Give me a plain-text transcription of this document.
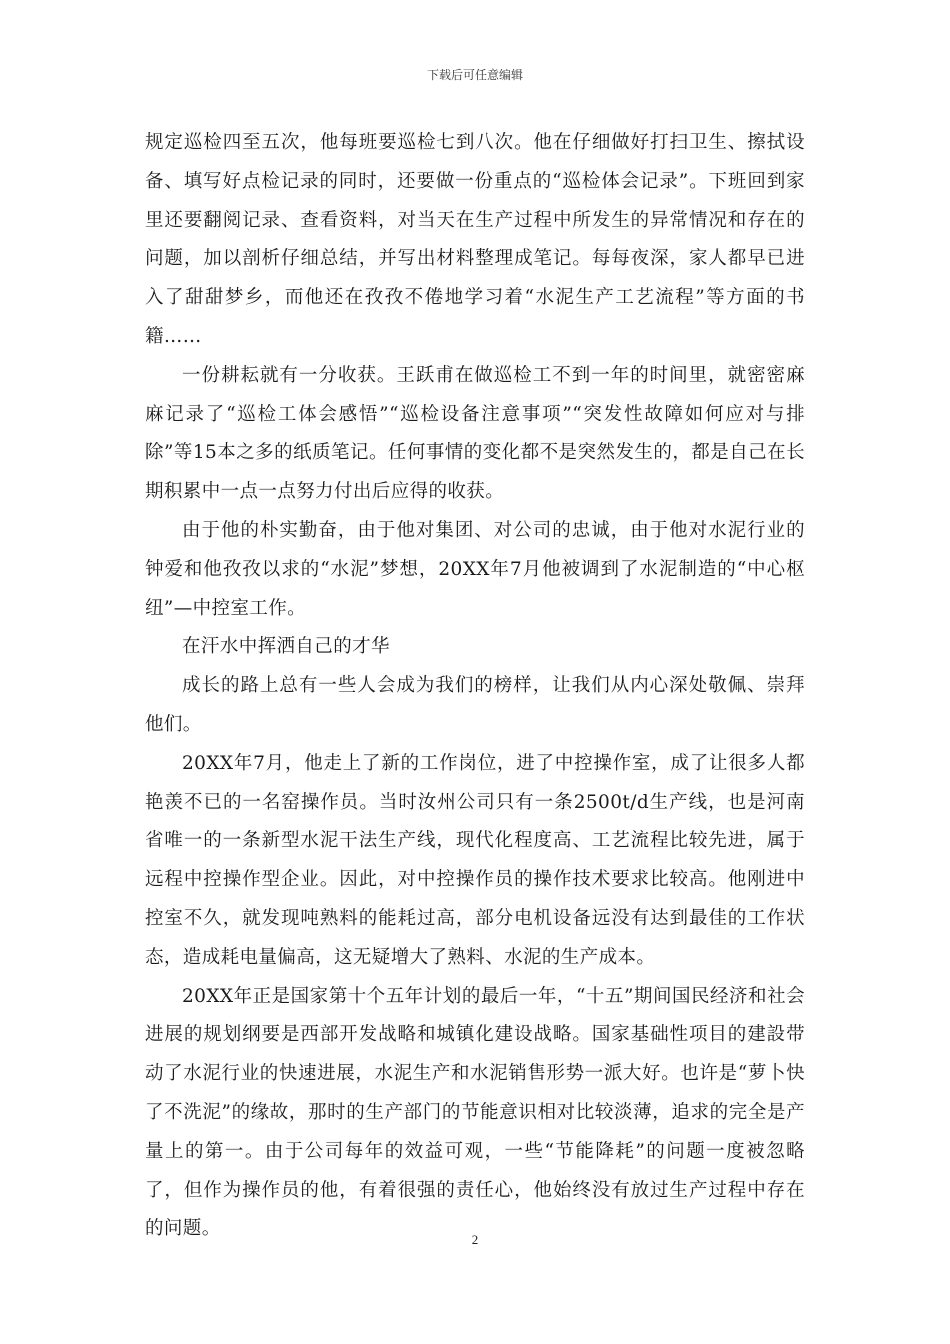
下载后可任意编辑

规定巡检四至五次，他每班要巡检七到八次。他在仔细做好打扫卫生、擦拭设备、填写好点检记录的同时，还要做一份重点的“巡检体会记录”。下班回到家里还要翻阅记录、查看资料，对当天在生产过程中所发生的异常情况和存在的问题，加以剖析仔细总结，并写出材料整理成笔记。每每夜深，家人都早已进入了甜甜梦乡，而他还在孜孜不倦地学习着“水泥生产工艺流程”等方面的书籍……

一份耕耘就有一分收获。王跃甫在做巡检工不到一年的时间里，就密密麻麻记录了“巡检工体会感悟”“巡检设备注意事项”“突发性故障如何应对与排除”等15本之多的纸质笔记。任何事情的变化都不是突然发生的，都是自己在长期积累中一点一点努力付出后应得的收获。

由于他的朴实勤奋，由于他对集团、对公司的忠诚，由于他对水泥行业的钟爱和他孜孜以求的“水泥”梦想，20XX年7月他被调到了水泥制造的“中心枢纽”—中控室工作。

在汗水中挥洒自己的才华

成长的路上总有一些人会成为我们的榜样，让我们从内心深处敬佩、崇拜他们。

20XX年7月，他走上了新的工作岗位，进了中控操作室，成了让很多人都艳羡不已的一名窑操作员。当时汝州公司只有一条2500t/d生产线，也是河南省唯一的一条新型水泥干法生产线，现代化程度高、工艺流程比较先进，属于远程中控操作型企业。因此，对中控操作员的操作技术要求比较高。他刚进中控室不久，就发现吨熟料的能耗过高，部分电机设备远没有达到最佳的工作状态，造成耗电量偏高，这无疑增大了熟料、水泥的生产成本。

20XX年正是国家第十个五年计划的最后一年，“十五”期间国民经济和社会进展的规划纲要是西部开发战略和城镇化建设战略。国家基础性项目的建設带动了水泥行业的快速进展，水泥生产和水泥销售形势一派大好。也许是“萝卜快了不洗泥”的缘故，那时的生产部门的节能意识相对比较淡薄，追求的完全是产量上的第一。由于公司每年的效益可观，一些“节能降耗”的问题一度被忽略了，但作为操作员的他，有着很强的责任心，他始终没有放过生产过程中存在的问题。

2
